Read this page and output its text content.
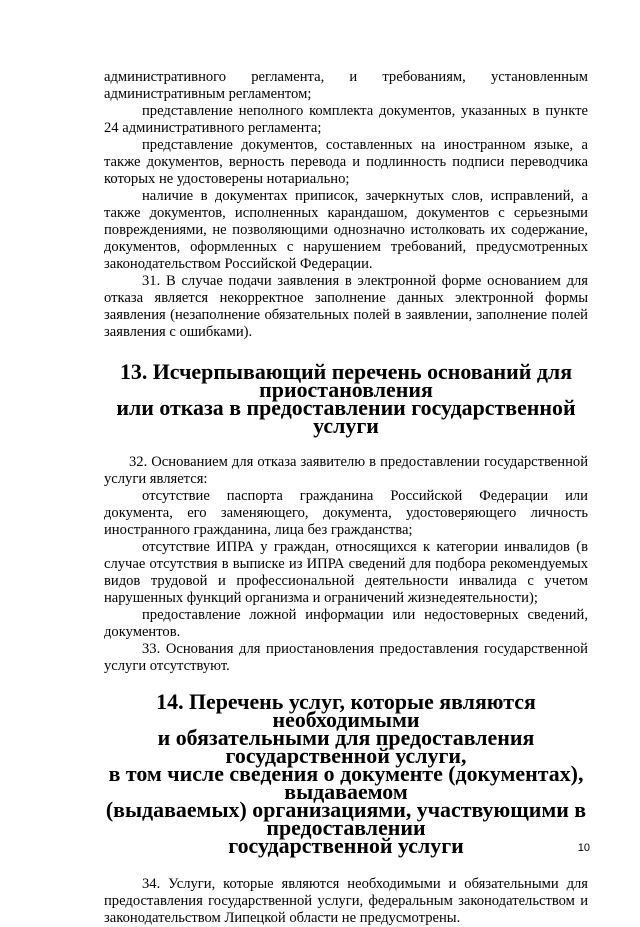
административного регламента, и требованиям, установленным административным регламентом;

представление неполного комплекта документов, указанных в пункте 24 административного регламента;

представление документов, составленных на иностранном языке, а также документов, верность перевода и подлинность подписи переводчика которых не удостоверены нотариально;

наличие в документах приписок, зачеркнутых слов, исправлений, а также документов, исполненных карандашом, документов с серьезными повреждениями, не позволяющими однозначно истолковать их содержание, документов, оформленных с нарушением требований, предусмотренных законодательством Российской Федерации.

31. В случае подачи заявления в электронной форме основанием для отказа является некорректное заполнение данных электронной формы заявления (незаполнение обязательных полей в заявлении, заполнение полей заявления с ошибками).

13. Исчерпывающий перечень оснований для приостановления
или отказа в предоставлении государственной услуги

32. Основанием для отказа заявителю в предоставлении государственной услуги является:

отсутствие паспорта гражданина Российской Федерации или документа, его заменяющего, документа, удостоверяющего личность иностранного гражданина, лица без гражданства;

отсутствие ИПРА у граждан, относящихся к категории инвалидов (в случае отсутствия в выписке из ИПРА сведений для подбора рекомендуемых видов трудовой и профессиональной деятельности инвалида с учетом нарушенных функций организма и ограничений жизнедеятельности);

предоставление ложной информации или недостоверных сведений, документов.

33. Основания для приостановления предоставления государственной услуги отсутствуют.

14. Перечень услуг, которые являются необходимыми
и обязательными для предоставления государственной услуги,
в том числе сведения о документе (документах), выдаваемом
(выдаваемых) организациями, участвующими в предоставлении
государственной услуги

34. Услуги, которые являются необходимыми и обязательными для предоставления государственной услуги, федеральным законодательством и законодательством Липецкой области не предусмотрены.

10
